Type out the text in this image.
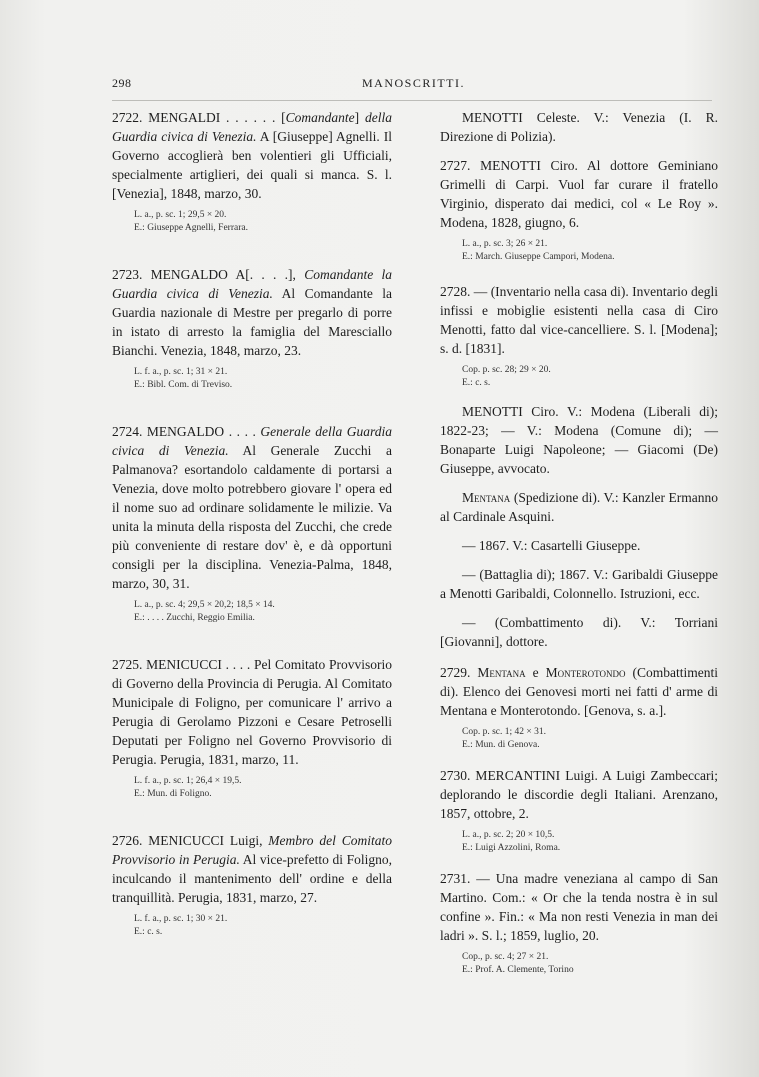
298	MANOSCRITTI.
2722. MENGALDI . . . . . . [Comandante] della Guardia civica di Venezia. A [Giuseppe] Agnelli. Il Governo accoglierà ben volentieri gli Ufficiali, specialmente artiglieri, dei quali si manca. S. l. [Venezia], 1848, marzo, 30.
L. a., p. sc. 1; 29,5 × 20.
E.: Giuseppe Agnelli, Ferrara.
2723. MENGALDO A[. . . .], Comandante la Guardia civica di Venezia. Al Comandante la Guardia nazionale di Mestre per pregarlo di porre in istato di arresto la famiglia del Maresciallo Bianchi. Venezia, 1848, marzo, 23.
L. f. a., p. sc. 1; 31 × 21.
E.: Bibl. Com. di Treviso.
2724. MENGALDO . . . . Generale della Guardia civica di Venezia. Al Generale Zucchi a Palmanova? esortandolo caldamente di portarsi a Venezia, dove molto potrebbero giovare l' opera ed il nome suo ad ordinare solidamente le milizie. Va unita la minuta della risposta del Zucchi, che crede più conveniente di restare dov' è, e dà opportuni consigli per la disciplina. Venezia-Palma, 1848, marzo, 30, 31.
L. a., p. sc. 4; 29,5 × 20,2; 18,5 × 14.
E.: . . . . Zucchi, Reggio Emilia.
2725. MENICUCCI . . . . Pel Comitato Provvisorio di Governo della Provincia di Perugia. Al Comitato Municipale di Foligno, per comunicare l' arrivo a Perugia di Gerolamo Pizzoni e Cesare Petroselli Deputati per Foligno nel Governo Provvisorio di Perugia. Perugia, 1831, marzo, 11.
L. f. a., p. sc. 1; 26,4 × 19,5.
E.: Mun. di Foligno.
2726. MENICUCCI Luigi, Membro del Comitato Provvisorio in Perugia. Al vice-prefetto di Foligno, inculcando il mantenimento dell' ordine e della tranquillità. Perugia, 1831, marzo, 27.
L. f. a., p. sc. 1; 30 × 21.
E.: c. s.
MENOTTI Celeste. V.: Venezia (I. R. Direzione di Polizia).
2727. MENOTTI Ciro. Al dottore Geminiano Grimelli di Carpi. Vuol far curare il fratello Virginio, disperato dai medici, col « Le Roy ». Modena, 1828, giugno, 6.
L. a., p. sc. 3; 26 × 21.
E.: March. Giuseppe Campori, Modena.
2728. — (Inventario nella casa di). Inventario degli infissi e mobiglie esistenti nella casa di Ciro Menotti, fatto dal vice-cancelliere. S. l. [Modena]; s. d. [1831].
Cop. p. sc. 28; 29 × 20.
E.: c. s.
MENOTTI Ciro. V.: Modena (Liberali di); 1822-23; — V.: Modena (Comune di); — Bonaparte Luigi Napoleone; — Giacomi (De) Giuseppe, avvocato.
Mentana (Spedizione di). V.: Kanzler Ermanno al Cardinale Asquini.
— 1867. V.: Casartelli Giuseppe.
— (Battaglia di); 1867. V.: Garibaldi Giuseppe a Menotti Garibaldi, Colonnello. Istruzioni, ecc.
— (Combattimento di). V.: Torriani [Giovanni], dottore.
2729. Mentana e Monterotondo (Combattimenti di). Elenco dei Genovesi morti nei fatti d' arme di Mentana e Monterotondo. [Genova, s. a.].
Cop. p. sc. 1; 42 × 31.
E.: Mun. di Genova.
2730. MERCANTINI Luigi. A Luigi Zambeccari; deplorando le discordie degli Italiani. Arenzano, 1857, ottobre, 2.
L. a., p. sc. 2; 20 × 10,5.
E.: Luigi Azzolini, Roma.
2731. — Una madre veneziana al campo di San Martino. Com.: « Or che la tenda nostra è in sul confine ». Fin.: « Ma non resti Venezia in man dei ladri ». S. l.; 1859, luglio, 20.
Cop., p. sc. 4; 27 × 21.
E.: Prof. A. Clemente, Torino
